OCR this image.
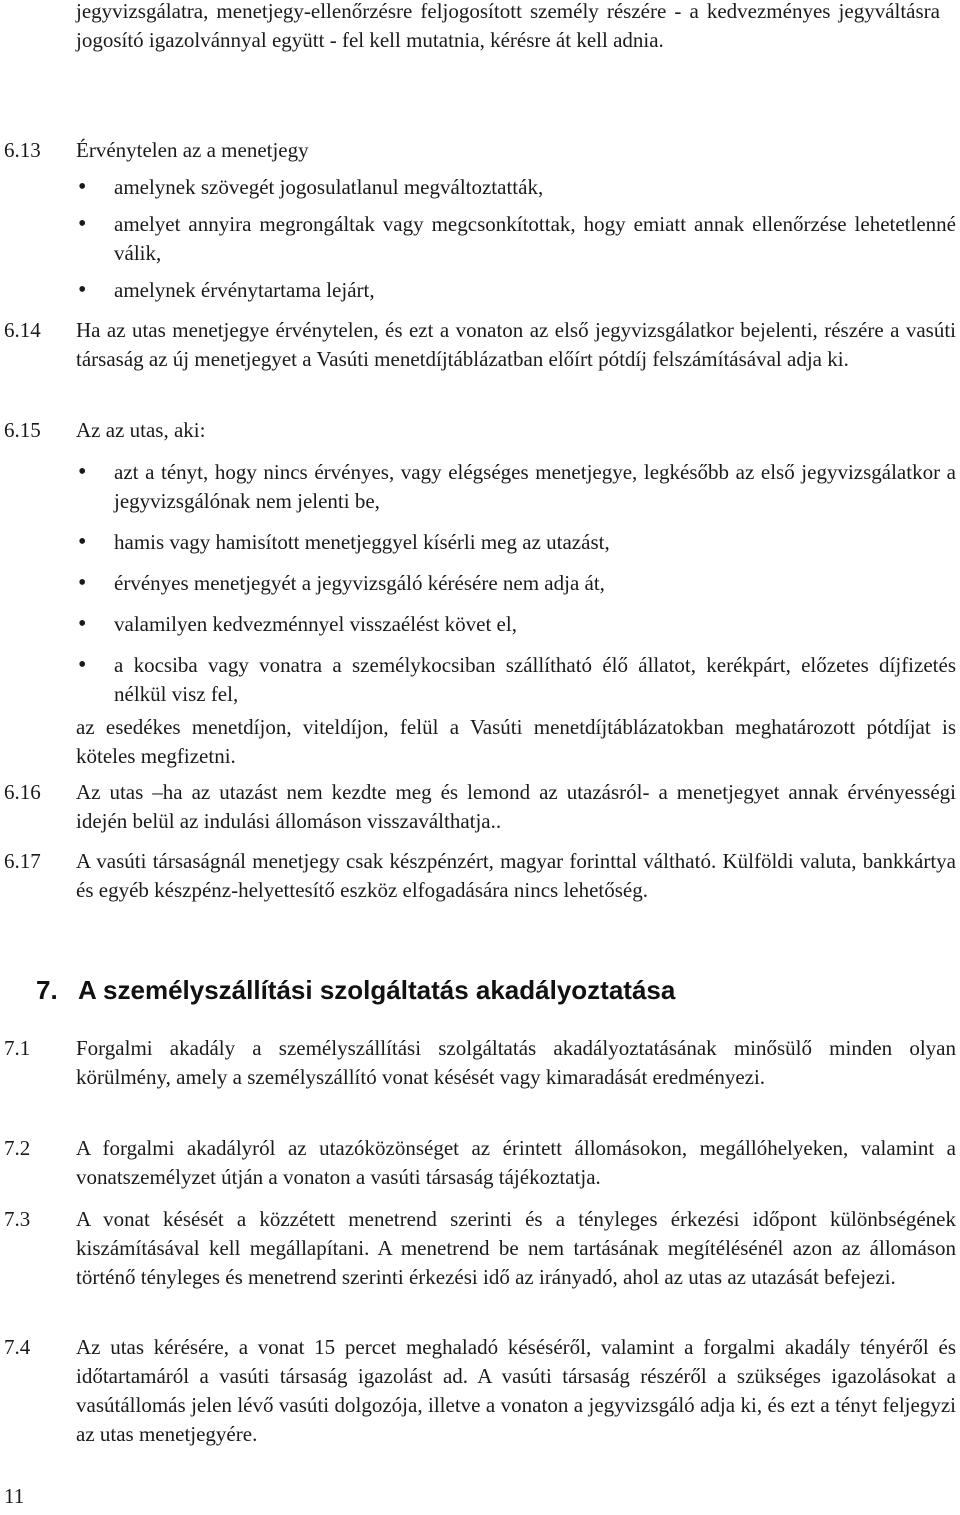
jegyvizsgálatra, menetjegy-ellenőrzésre feljogosított személy részére - a kedvezményes jegyváltásra jogosító igazolvánnyal együtt - fel kell mutatnia, kérésre át kell adnia.

6.13	Érvénytelen az a menetjegy
• amelynek szövegét jogosulatlanul megváltoztatták,
• amelyet annyira megrongáltak vagy megcsonkítottak, hogy emiatt annak ellenőrzése lehetetlenné válik,
• amelynek érvénytartama lejárt,
6.14	Ha az utas menetjegye érvénytelen, és ezt a vonaton az első jegyvizsgálatkor bejelenti, részére a vasúti társaság az új menetjegyet a Vasúti menetdíjtáblázatban előírt pótdíj felszámításával adja ki.
6.15	Az az utas, aki:
• azt a tényt, hogy nincs érvényes, vagy elégséges menetjegye, legkésőbb az első jegyvizsgálatkor a jegyvizsgálónak nem jelenti be,
• hamis vagy hamisított menetjeggyel kísérli meg az utazást,
• érvényes menetjegyét a jegyvizsgáló kérésére nem adja át,
• valamilyen kedvezménnyel visszaélést követ el,
• a kocsiba vagy vonatra a személykocsiban szállítható élő állatot, kerékpárt, előzetes díjfizetés nélkül visz fel,
az esedékes menetdíjon, viteldíjon, felül a Vasúti menetdíjtáblázatokban meghatározott pótdíjat is köteles megfizetni.
6.16	Az utas –ha az utazást nem kezdte meg és lemond az utazásról- a menetjegyet annak érvényességi idején belül az indulási állomáson visszaválthatja..
6.17	A vasúti társaságnál menetjegy csak készpénzért, magyar forinttal váltható. Külföldi valuta, bankkártya és egyéb készpénz-helyettesítő eszköz elfogadására nincs lehetőség.
7. A személyszállítási szolgáltatás akadályoztatása
7.1	Forgalmi akadály a személyszállítási szolgáltatás akadályoztatásának minősülő minden olyan körülmény, amely a személyszállító vonat késését vagy kimaradását eredményezi.
7.2	A forgalmi akadályról az utazóközönséget az érintett állomásokon, megállóhelyeken, valamint a vonatszemélyzet útján a vonaton a vasúti társaság tájékoztatja.
7.3	A vonat késését a közzétett menetrend szerinti és a tényleges érkezési időpont különbségének kiszámításával kell megállapítani. A menetrend be nem tartásának megítélésénél azon az állomáson történő tényleges és menetrend szerinti érkezési idő az irányadó, ahol az utas az utazását befejezi.
7.4	Az utas kérésére, a vonat 15 percet meghaladó késéséről, valamint a forgalmi akadály tényéről és időtartamáról a vasúti társaság igazolást ad. A vasúti társaság részéről a szükséges igazolásokat a vasútállomás jelen lévő vasúti dolgozója, illetve a vonaton a jegyvizsgáló adja ki, és ezt a tényt feljegyzi az utas menetjegyére.
11
